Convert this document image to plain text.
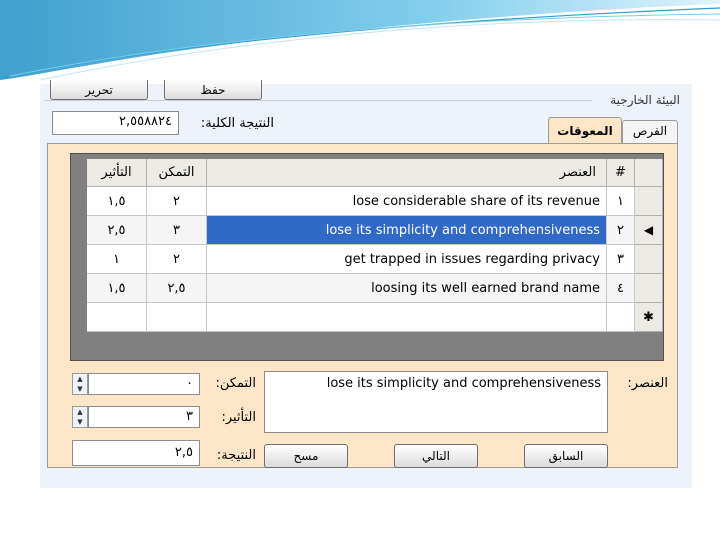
تحرير	حفظ
البيئة الخارجية
٢,٥٥٨٨٢٤	النتيجة الكلية:	الفرص
المعوقات
التأثير	التمكن	العنصر	#
١,٥	٢	lose considerable share of its revenue	١
٢,٥	٣	lose its simplicity and comprehensiveness	٢	◀
١	٢	get trapped in issues regarding privacy	٣
١,٥	٢,٥	loosing its well earned brand name	٤
✱
العنصر:
lose its simplicity and comprehensiveness
▲
▼	٠	التمكن:
▲
▼	٣	التأثير:
٢,٥	النتيجة:	مسح	التالي	السابق
